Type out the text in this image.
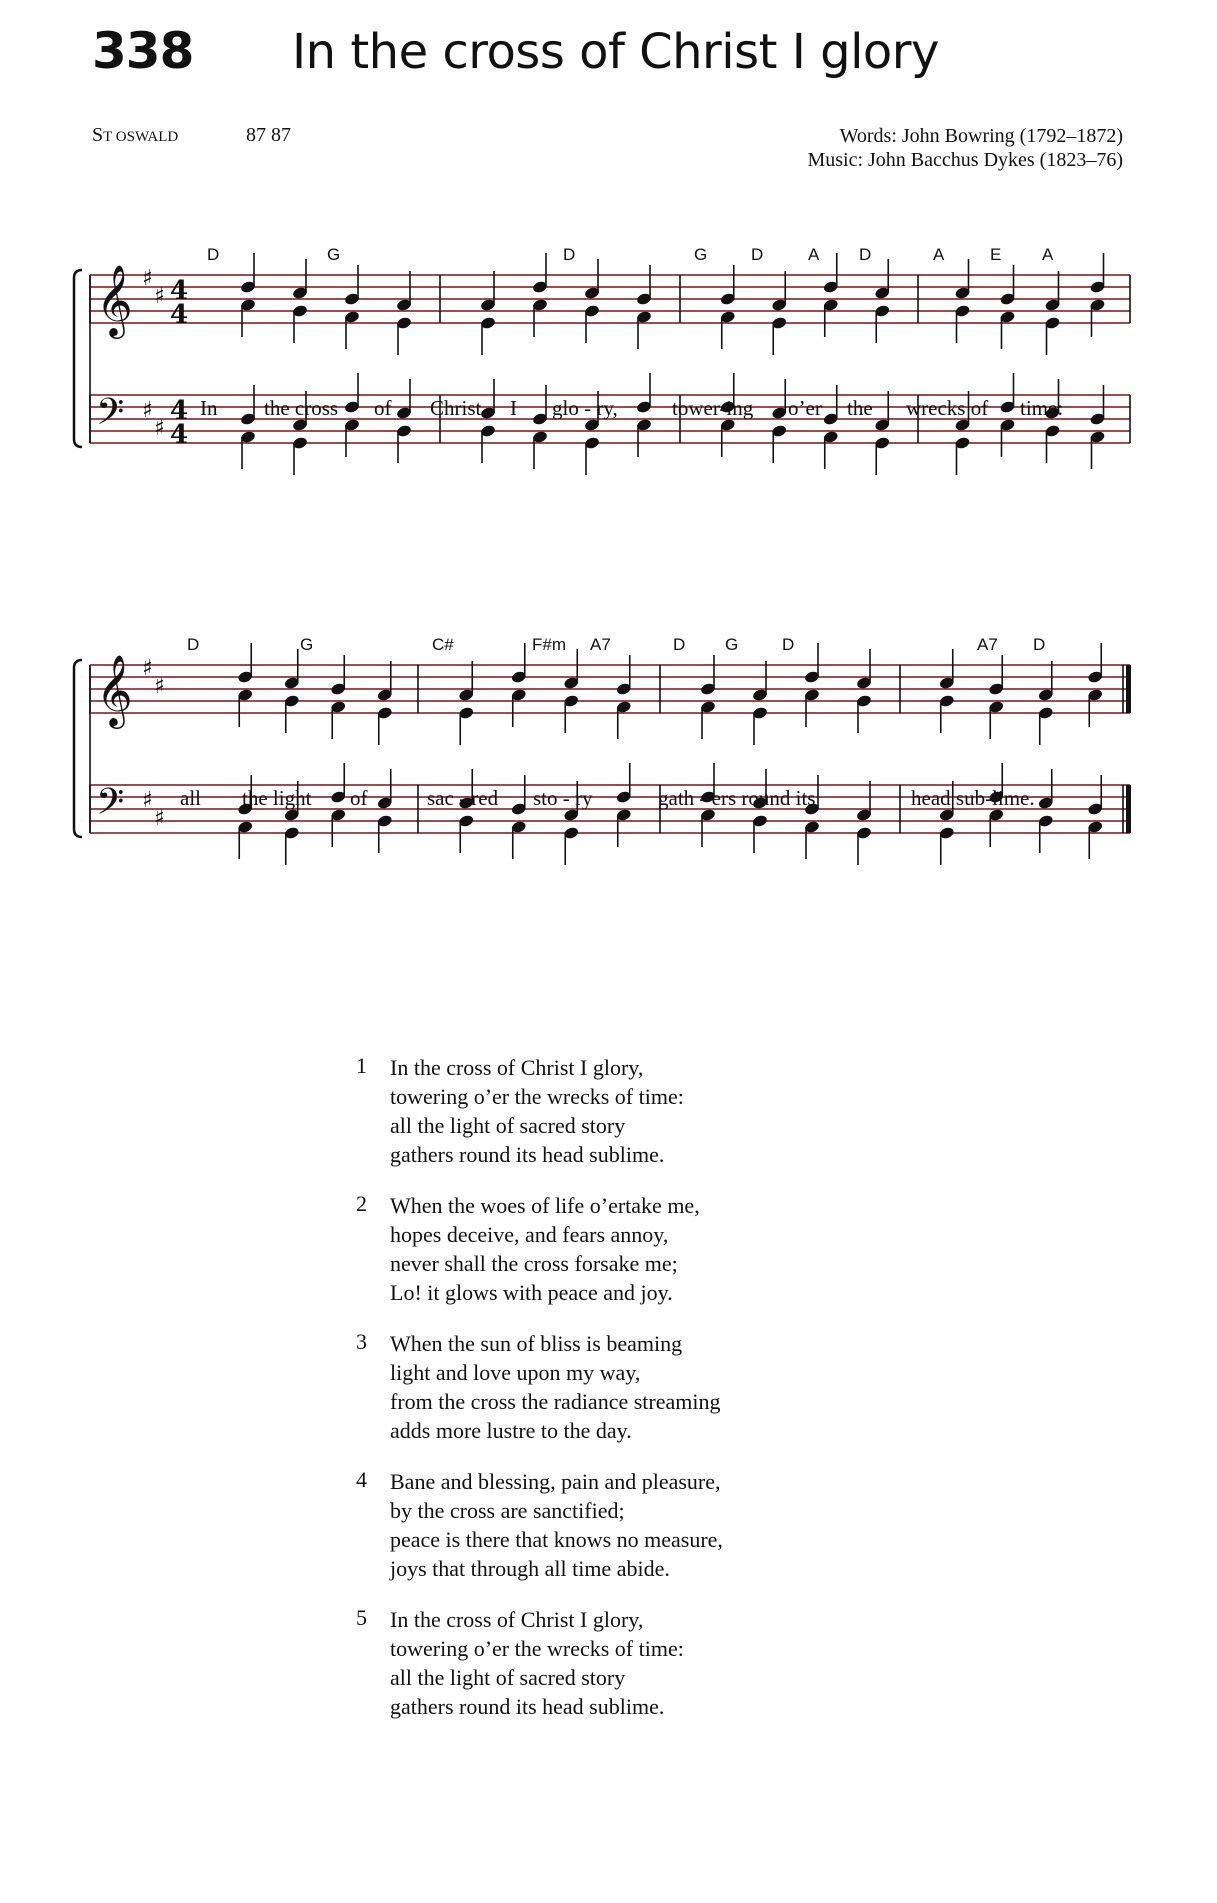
338 In the cross of Christ I glory
ST OSWALD	87 87	Words: John Bowring (1792–1872)
Music: John Bacchus Dykes (1823–76)
D	G	D	G	D	A D	A	E A
𝄞 ♯
♯ 4
4
𝄢 ♯
♯
4
4
In the cross of Christ I glo - ry,	tower-ing o’er the wrecks of time:
D	G	C#	F#m A7	D G	D	A7 D
𝄞 ♯
♯
𝄢 ♯
♯
all the light of	sac - red sto - ry	gath - ers round its	head sub-lime.
1 In the cross of Christ I glory,
towering o’er the wrecks of time:
all the light of sacred story
gathers round its head sublime.
2 When the woes of life o’ertake me,
hopes deceive, and fears annoy,
never shall the cross forsake me;
Lo! it glows with peace and joy.
3 When the sun of bliss is beaming
light and love upon my way,
from the cross the radiance streaming
adds more lustre to the day.
4 Bane and blessing, pain and pleasure,
by the cross are sanctified;
peace is there that knows no measure,
joys that through all time abide.
5 In the cross of Christ I glory,
towering o’er the wrecks of time:
all the light of sacred story
gathers round its head sublime.
